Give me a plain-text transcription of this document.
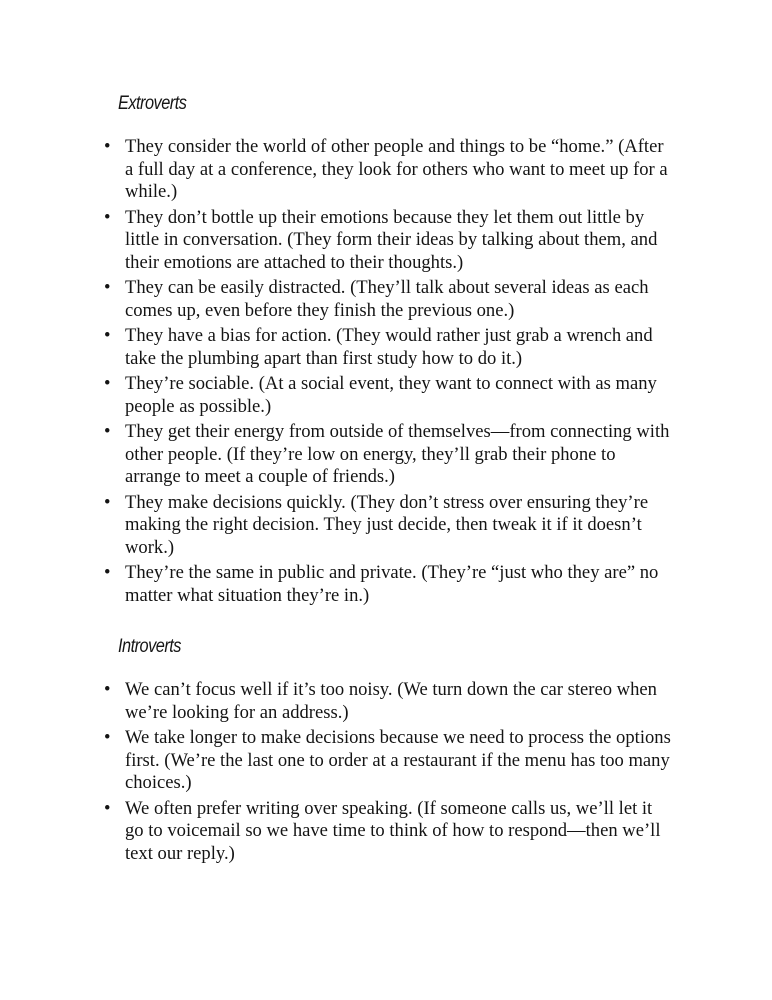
Extroverts
• They consider the world of other people and things to be “home.” (After a full day at a conference, they look for others who want to meet up for a while.)
• They don’t bottle up their emotions because they let them out little by little in conversation. (They form their ideas by talking about them, and their emotions are attached to their thoughts.)
• They can be easily distracted. (They’ll talk about several ideas as each comes up, even before they finish the previous one.)
• They have a bias for action. (They would rather just grab a wrench and take the plumbing apart than first study how to do it.)
• They’re sociable. (At a social event, they want to connect with as many people as possible.)
• They get their energy from outside of themselves—from connecting with other people. (If they’re low on energy, they’ll grab their phone to arrange to meet a couple of friends.)
• They make decisions quickly. (They don’t stress over ensuring they’re making the right decision. They just decide, then tweak it if it doesn’t work.)
• They’re the same in public and private. (They’re “just who they are” no matter what situation they’re in.)
Introverts
• We can’t focus well if it’s too noisy. (We turn down the car stereo when we’re looking for an address.)
• We take longer to make decisions because we need to process the options first. (We’re the last one to order at a restaurant if the menu has too many choices.)
• We often prefer writing over speaking. (If someone calls us, we’ll let it go to voicemail so we have time to think of how to respond—then we’ll text our reply.)
